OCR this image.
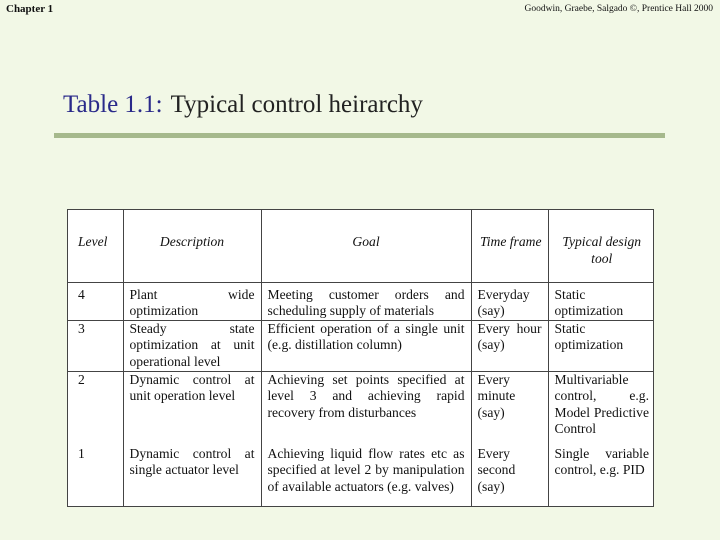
Chapter 1	Goodwin, Graebe, Salgado ©, Prentice Hall 2000
Table 1.1: Typical control heirarchy
Level	Description	Goal	Time frame	Typical design tool
4	Plant wide optimization	Meeting customer orders and scheduling supply of materials	Everyday (say)	Static optimization
3	Steady state optimization at unit operational level	Efficient operation of a single unit (e.g. distillation column)	Every hour (say)	Static optimization
2	Dynamic control at unit operation level	Achieving set points specified at level 3 and achieving rapid recovery from disturbances	Every minute (say)	Multivariable control, e.g. Model Predictive Control
1	Dynamic control at single actuator level	Achieving liquid flow rates etc as specified at level 2 by manipulation of available actuators (e.g. valves)	Every second (say)	Single variable control, e.g. PID
